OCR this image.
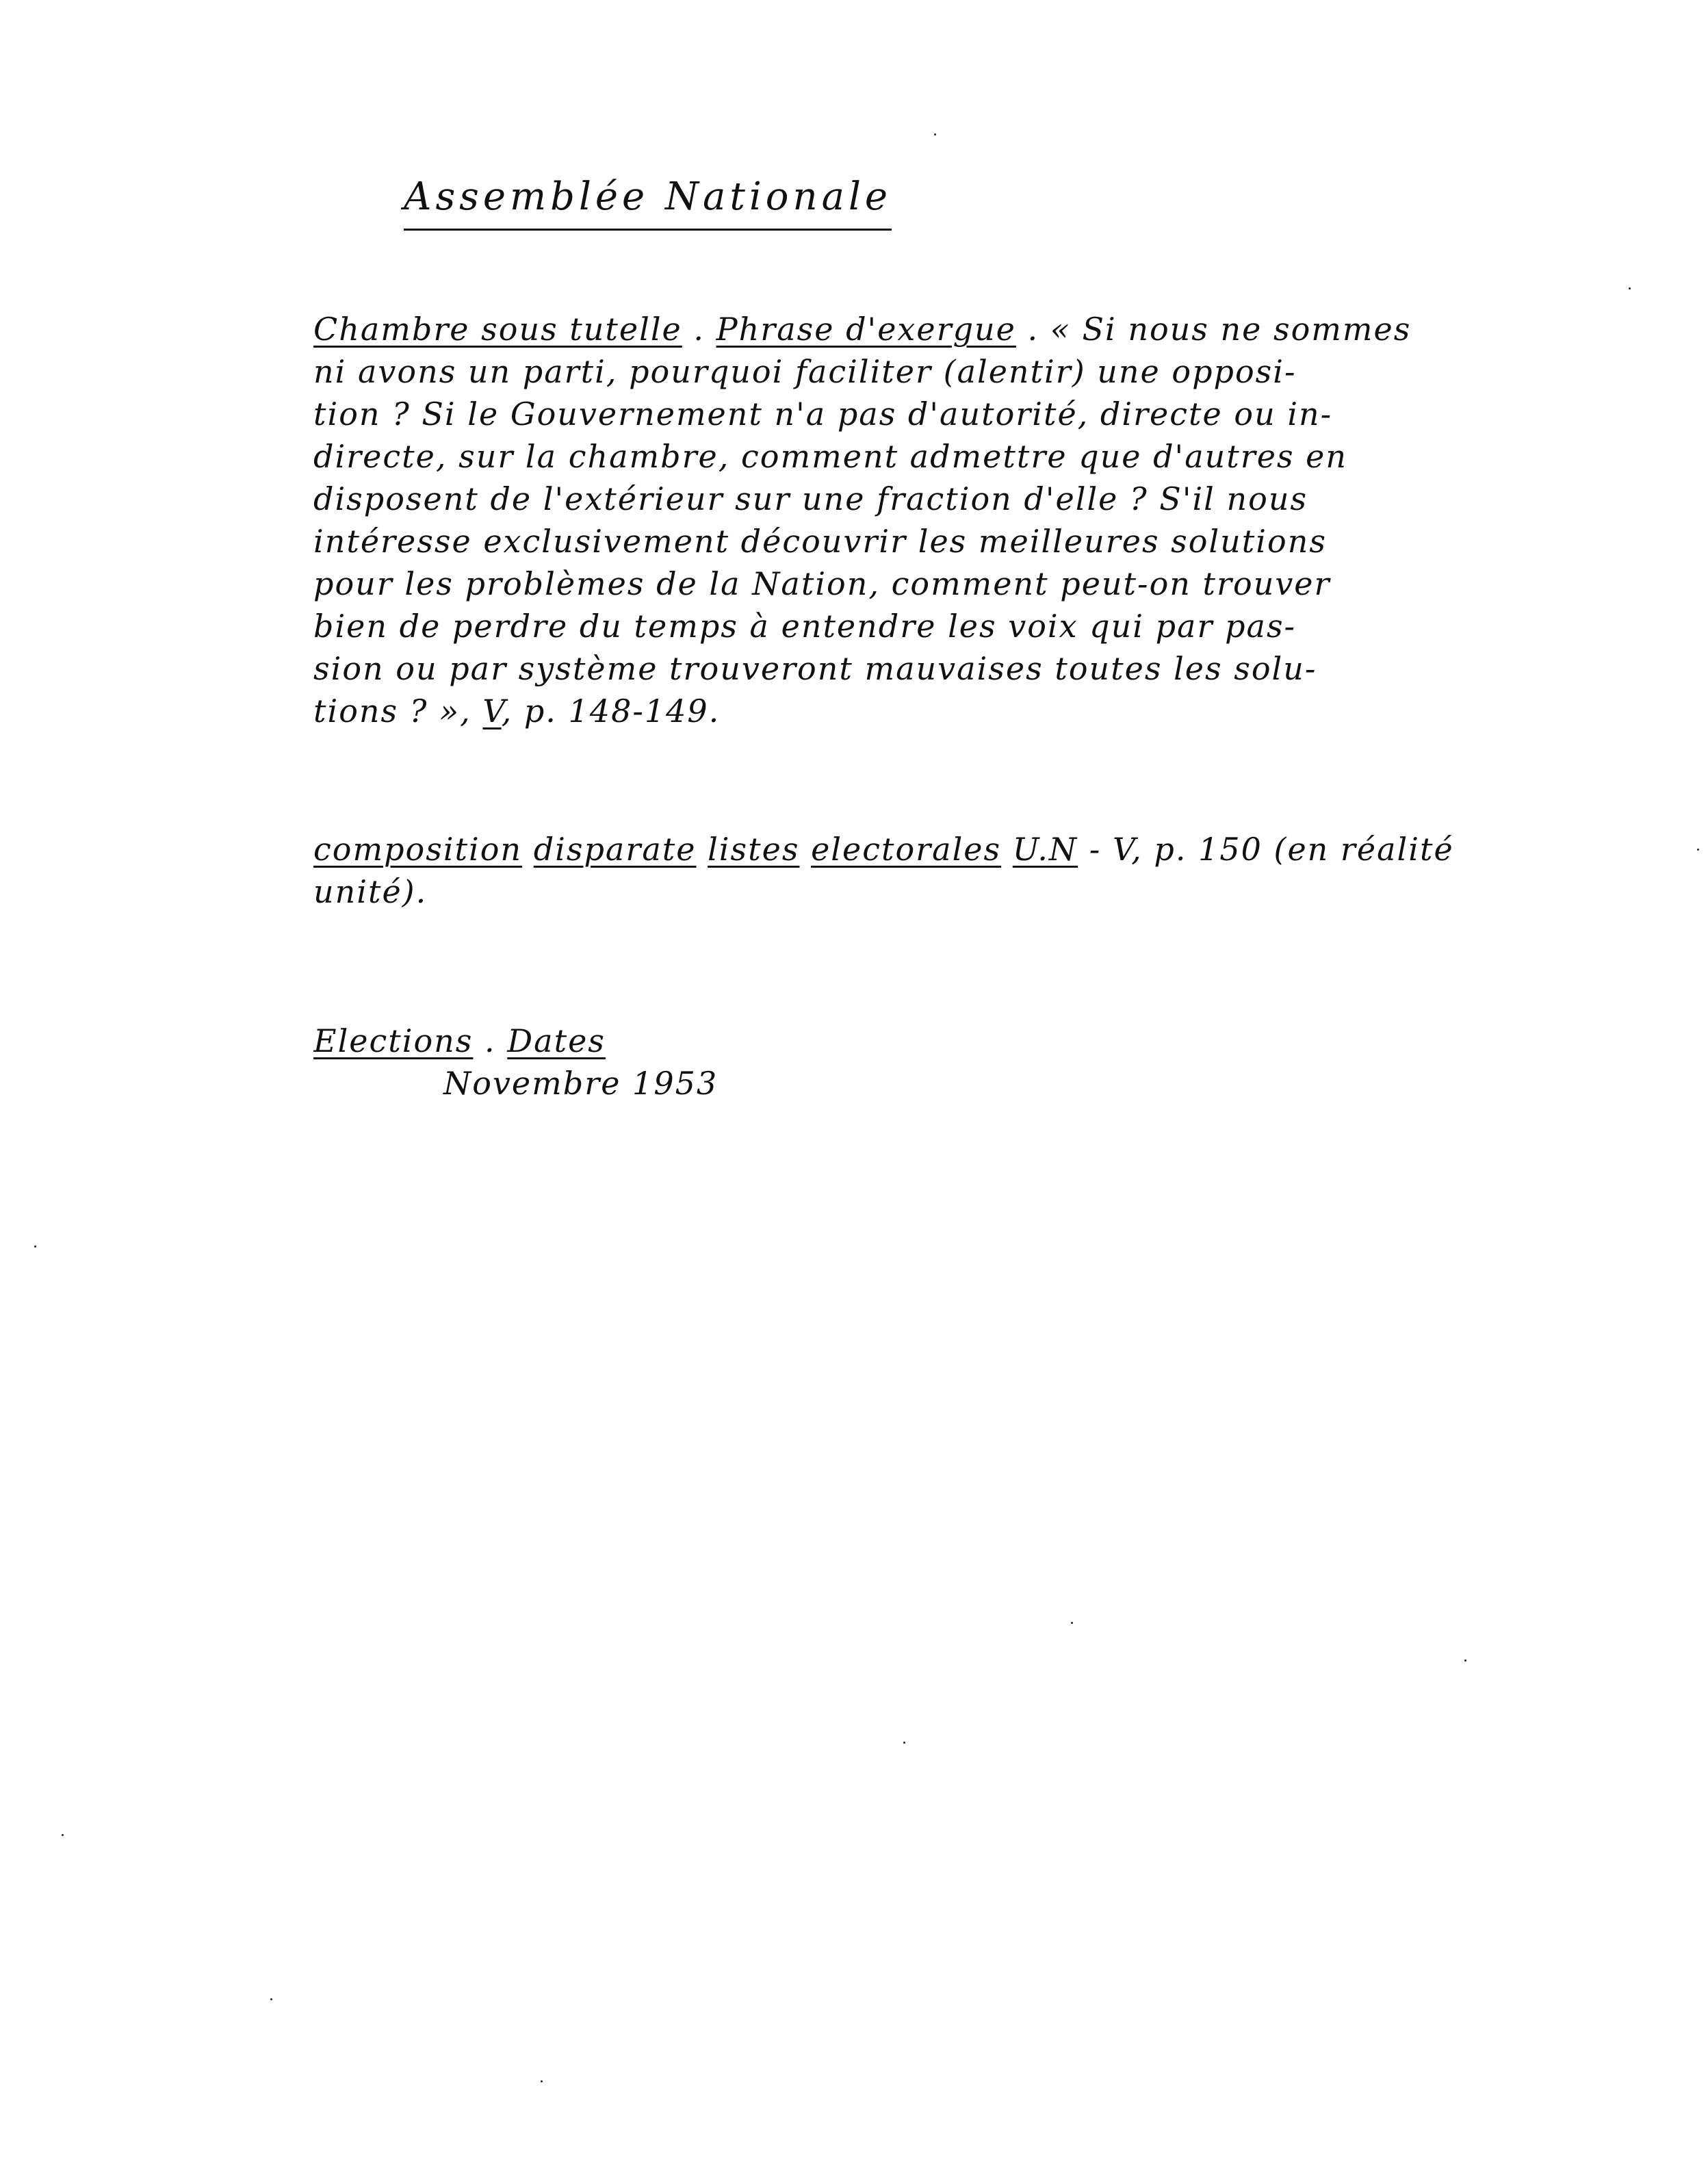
Assemblée Nationale
Chambre sous tutelle . Phrase d'exergue . « Si nous ne sommes
ni avons un parti, pourquoi faciliter (alentir) une opposi-
tion ? Si le Gouvernement n'a pas d'autorité, directe ou in-
directe, sur la chambre, comment admettre que d'autres en
disposent de l'extérieur sur une fraction d'elle ? S'il nous
intéresse exclusivement découvrir les meilleures solutions
pour les problèmes de la Nation, comment peut-on trouver
bien de perdre du temps à entendre les voix qui par pas-
sion ou par système trouveront mauvaises toutes les solu-
tions ? », V, p. 148-149.
composition disparate listes electorales U.N - V, p. 150 (en réalité
unité).
Elections . Dates
Novembre 1953
